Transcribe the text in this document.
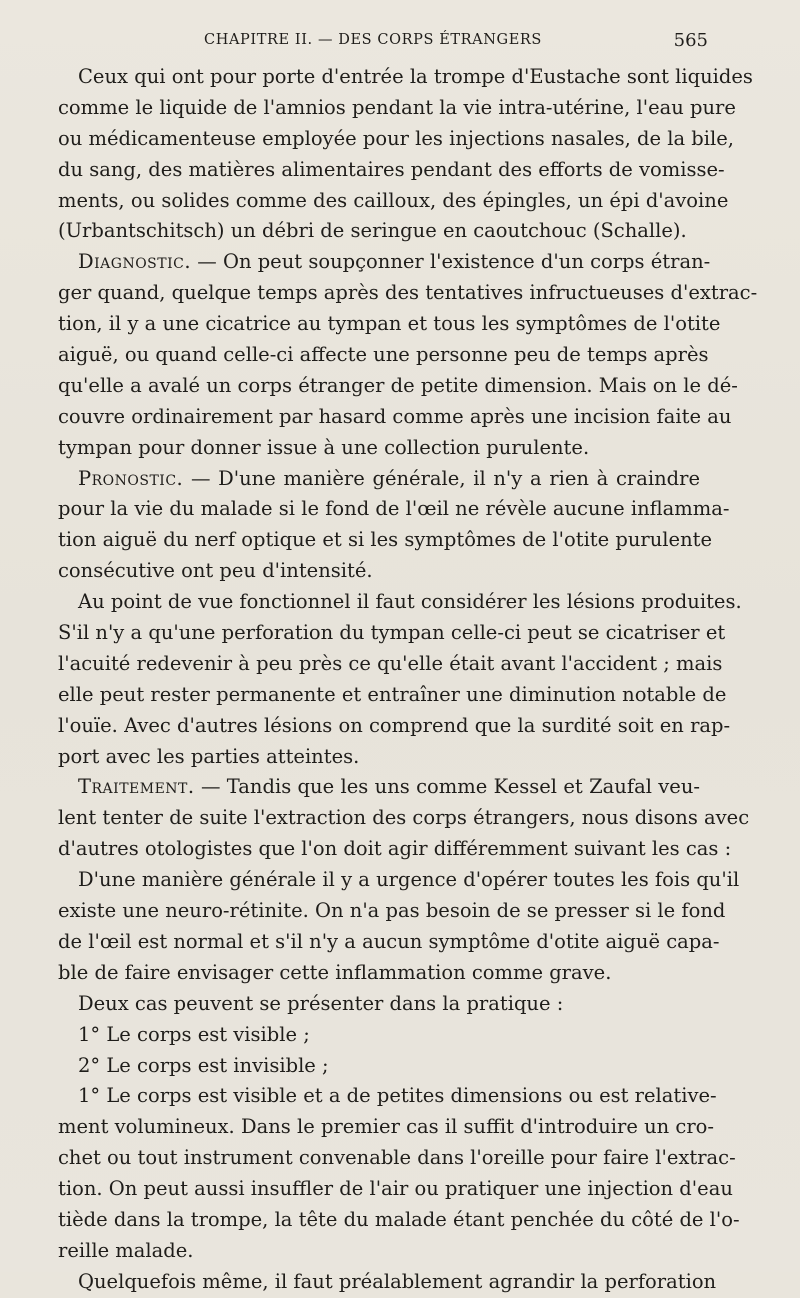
CHAPITRE II. — DES CORPS ÉTRANGERS	565
Ceux qui ont pour porte d'entrée la trompe d'Eustache sont liquides
comme le liquide de l'amnios pendant la vie intra-utérine, l'eau pure
ou médicamenteuse employée pour les injections nasales, de la bile,
du sang, des matières alimentaires pendant des efforts de vomisse-
ments, ou solides comme des cailloux, des épingles, un épi d'avoine
(Urbantschitsch) un débri de seringue en caoutchouc (Schalle).
Diagnostic. — On peut soupçonner l'existence d'un corps étran-
ger quand, quelque temps après des tentatives infructueuses d'extrac-
tion, il y a une cicatrice au tympan et tous les symptômes de l'otite
aiguë, ou quand celle-ci affecte une personne peu de temps après
qu'elle a avalé un corps étranger de petite dimension. Mais on le dé-
couvre ordinairement par hasard comme après une incision faite au
tympan pour donner issue à une collection purulente.
Pronostic. — D'une manière générale, il n'y a rien à craindre
pour la vie du malade si le fond de l'œil ne révèle aucune inflamma-
tion aiguë du nerf optique et si les symptômes de l'otite purulente
consécutive ont peu d'intensité.
Au point de vue fonctionnel il faut considérer les lésions produites.
S'il n'y a qu'une perforation du tympan celle-ci peut se cicatriser et
l'acuité redevenir à peu près ce qu'elle était avant l'accident ; mais
elle peut rester permanente et entraîner une diminution notable de
l'ouïe. Avec d'autres lésions on comprend que la surdité soit en rap-
port avec les parties atteintes.
Traitement. — Tandis que les uns comme Kessel et Zaufal veu-
lent tenter de suite l'extraction des corps étrangers, nous disons avec
d'autres otologistes que l'on doit agir différemment suivant les cas :
D'une manière générale il y a urgence d'opérer toutes les fois qu'il
existe une neuro-rétinite. On n'a pas besoin de se presser si le fond
de l'œil est normal et s'il n'y a aucun symptôme d'otite aiguë capa-
ble de faire envisager cette inflammation comme grave.
Deux cas peuvent se présenter dans la pratique :
1° Le corps est visible ;
2° Le corps est invisible ;
1° Le corps est visible et a de petites dimensions ou est relative-
ment volumineux. Dans le premier cas il suffit d'introduire un cro-
chet ou tout instrument convenable dans l'oreille pour faire l'extrac-
tion. On peut aussi insuffler de l'air ou pratiquer une injection d'eau
tiède dans la trompe, la tête du malade étant penchée du côté de l'o-
reille malade.
Quelquefois même, il faut préalablement agrandir la perforation
